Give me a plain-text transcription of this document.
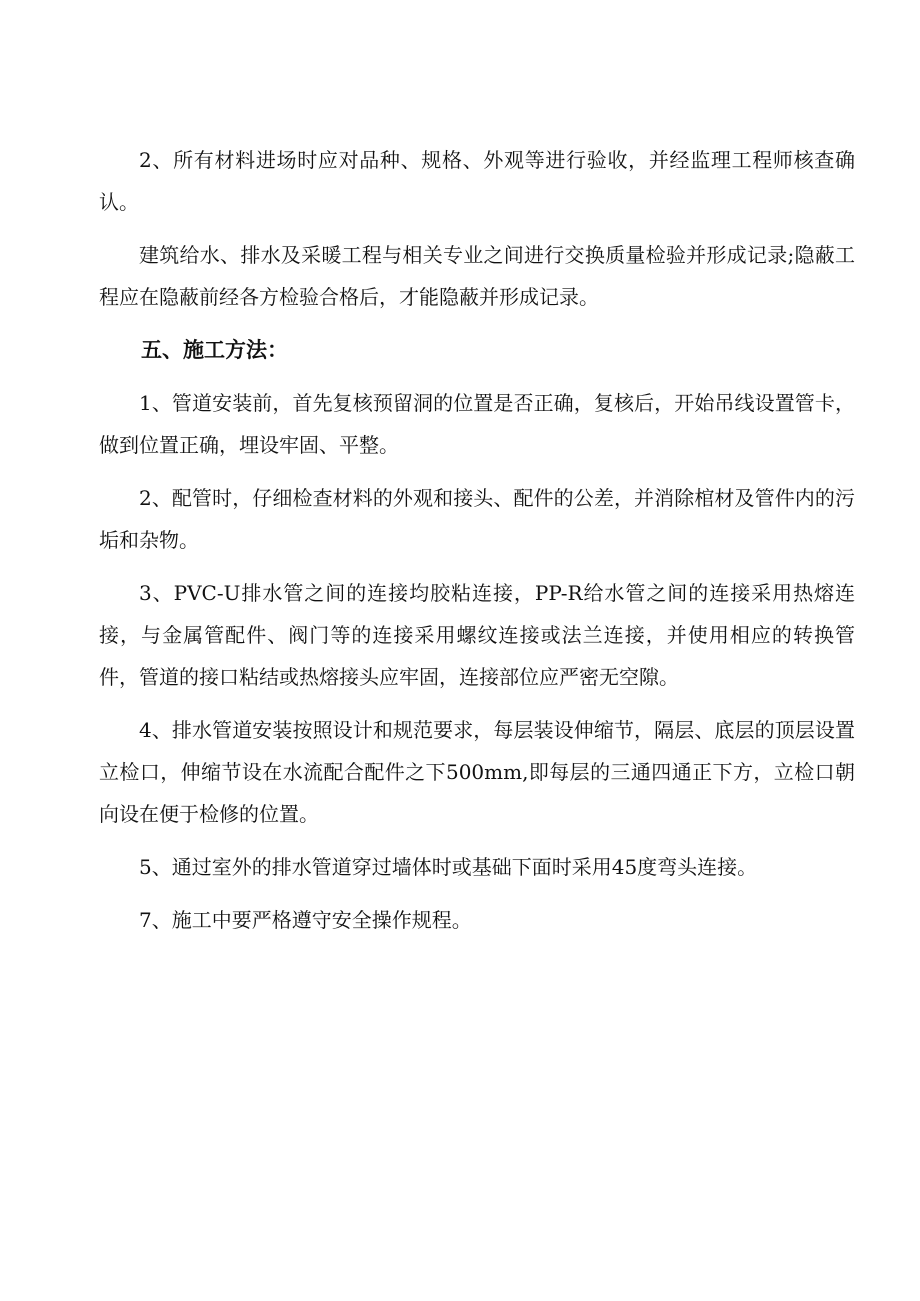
2、所有材料进场时应对品种、规格、外观等进行验收，并经监理工程师核查确认。

建筑给水、排水及采暖工程与相关专业之间进行交换质量检验并形成记录;隐蔽工程应在隐蔽前经各方检验合格后，才能隐蔽并形成记录。

五、施工方法：

1、管道安装前，首先复核预留洞的位置是否正确，复核后，开始吊线设置管卡，做到位置正确，埋设牢固、平整。

2、配管时，仔细检查材料的外观和接头、配件的公差，并消除棺材及管件内的污垢和杂物。

3、PVC-U排水管之间的连接均胶粘连接，PP-R给水管之间的连接采用热熔连接，与金属管配件、阀门等的连接采用螺纹连接或法兰连接，并使用相应的转换管件，管道的接口粘结或热熔接头应牢固，连接部位应严密无空隙。

4、排水管道安装按照设计和规范要求，每层装设伸缩节，隔层、底层的顶层设置立检口，伸缩节设在水流配合配件之下500mm,即每层的三通四通正下方，立检口朝向设在便于检修的位置。

5、通过室外的排水管道穿过墙体时或基础下面时采用45度弯头连接。

7、施工中要严格遵守安全操作规程。
